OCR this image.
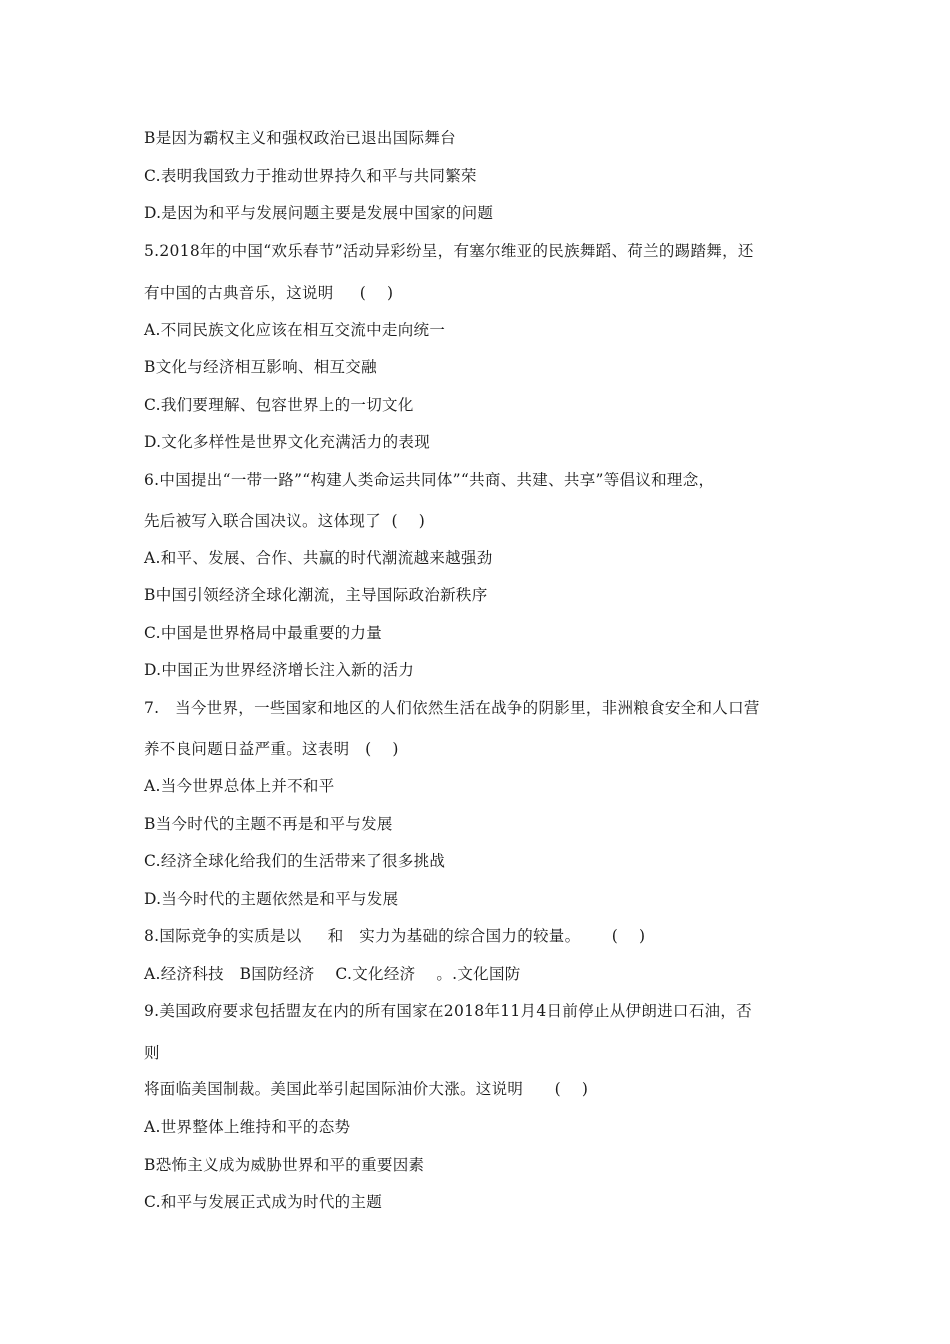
B是因为霸权主义和强权政治已退出国际舞台
C.表明我国致力于推动世界持久和平与共同繁荣
D.是因为和平与发展问题主要是发展中国家的问题
5.2018年的中国“欢乐春节”活动异彩纷呈，有塞尔维亚的民族舞蹈、荷兰的踢踏舞，还
有中国的古典音乐，这说明     (    )
A.不同民族文化应该在相互交流中走向统一
B文化与经济相互影响、相互交融
C.我们要理解、包容世界上的一切文化
D.文化多样性是世界文化充满活力的表现
6.中国提出“一带一路”“构建人类命运共同体”“共商、共建、共享”等倡议和理念，
先后被写入联合国决议。这体现了  (    )
A.和平、发展、合作、共赢的时代潮流越来越强劲
B中国引领经济全球化潮流，主导国际政治新秩序
C.中国是世界格局中最重要的力量
D.中国正为世界经济增长注入新的活力
7.   当今世界，一些国家和地区的人们依然生活在战争的阴影里，非洲粮食安全和人口营
养不良问题日益严重。这表明   (    )
A.当今世界总体上并不和平
B当今时代的主题不再是和平与发展
C.经济全球化给我们的生活带来了很多挑战
D.当今时代的主题依然是和平与发展
8.国际竞争的实质是以     和   实力为基础的综合国力的较量。      (    )
A.经济科技   B国防经济    C.文化经济    。.文化国防
9.美国政府要求包括盟友在内的所有国家在2018年11月4日前停止从伊朗进口石油，否
则
将面临美国制裁。美国此举引起国际油价大涨。这说明      (    )
A.世界整体上维持和平的态势
B恐怖主义成为威胁世界和平的重要因素
C.和平与发展正式成为时代的主题
